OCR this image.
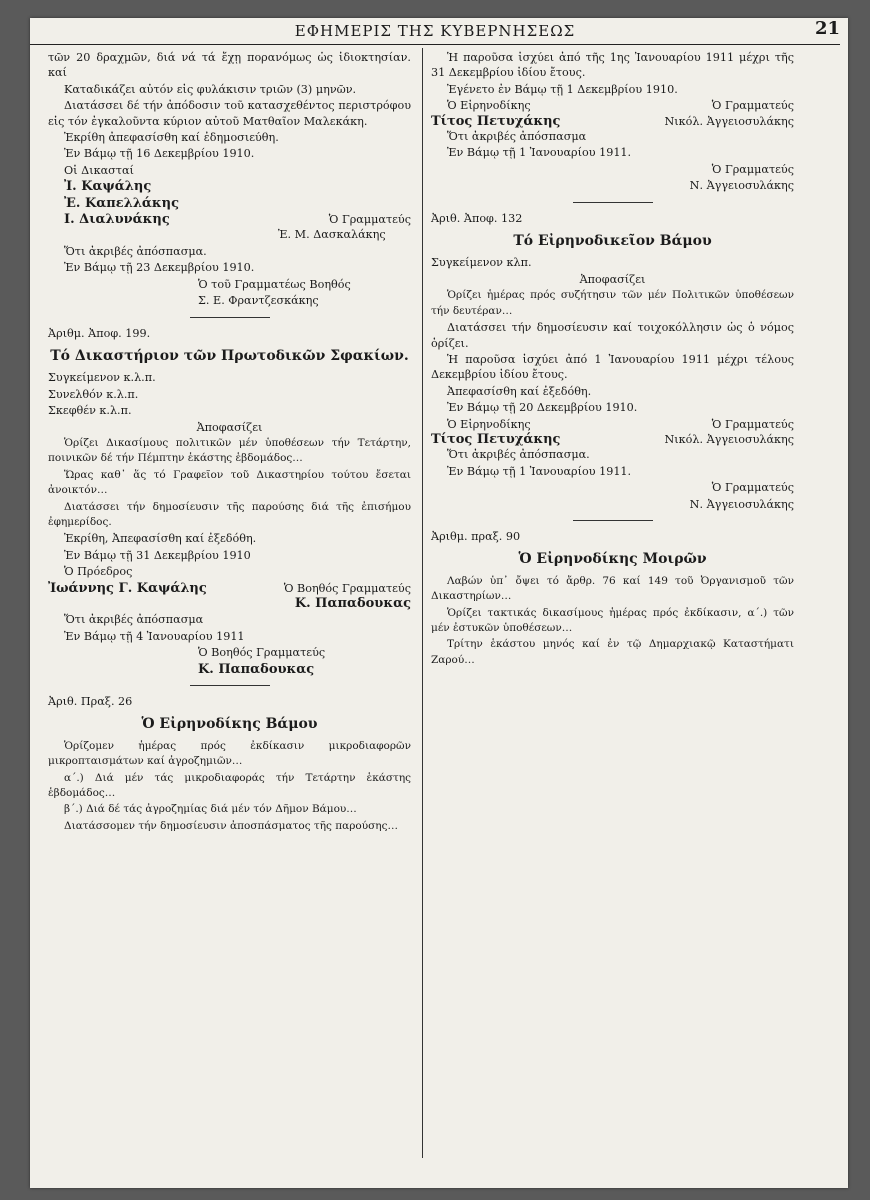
ΕΦΗΜΕΡΙΣ ΤΗΣ ΚΥΒΕΡΝΗΣΕΩΣ	21

τῶν 20 δραχμῶν, διά νά τά ἔχῃ πορανόμως ὡς ἰδιοκτησίαν. καί

Καταδικάζει αὐτόν εἰς φυλάκισιν τριῶν (3) μηνῶν.

Διατάσσει δέ τήν ἀπόδοσιν τοῦ κατασχεθέντος περιστρόφου εἰς τόν ἐγκαλοῦντα κύριον αὐτοῦ Ματθαῖον Μαλεκάκη.

Ἐκρίθη ἀπεφασίσθη καί ἐδημοσιεύθη.

Ἐν Βάμῳ τῇ 16 Δεκεμβρίου 1910.

Οἱ Δικασταί

Ἰ. Καψάλης

Ἐ. Καπελλάκης

Ι. Διαλυνάκης	Ὁ Γραμματεύς

Ἐ. Μ. Δασκαλάκης

Ὅτι ἀκριβές ἀπόσπασμα.

Ἐν Βάμῳ τῇ 23 Δεκεμβρίου 1910.

Ὁ τοῦ Γραμματέως Βοηθός

Σ. Ε. Φραντζεσκάκης

Ἀριθμ. Ἀποφ. 199.

Τό Δικαστήριον τῶν Πρωτοδικῶν Σφακίων.

Συγκείμενον κ.λ.π.

Συνελθόν κ.λ.π.

Σκεφθέν κ.λ.π.

Ἀποφασίζει

Ὁρίζει Δικασίμους πολιτικῶν μέν ὑποθέσεων τήν Τετάρτην, ποινικῶν δέ τήν Πέμπτην ἑκάστης ἑβδομάδος…

Ὥρας καθ᾽ ἅς τό Γραφεῖον τοῦ Δικαστηρίου τούτου ἔσεται ἀνοικτόν…

Διατάσσει τήν δημοσίευσιν τῆς παρούσης διά τῆς ἐπισήμου ἐφημερίδος.

Ἐκρίθη, Ἀπεφασίσθη καί ἐξεδόθη.

Ἐν Βάμῳ τῇ 31 Δεκεμβρίου 1910

Ὁ Πρόεδρος

Ἰωάννης Γ. Καψάλης	Ὁ Βοηθός Γραμματεύς

Κ. Παπαδουκας

Ὅτι ἀκριβές ἀπόσπασμα

Ἐν Βάμῳ τῇ 4 Ἰανουαρίου 1911

Ὁ Βοηθός Γραμματεύς

Κ. Παπαδουκας

Ἀριθ. Πραξ. 26

Ὁ Εἰρηνοδίκης Βάμου

Ὁρίζομεν ἡμέρας πρός ἐκδίκασιν μικροδιαφορῶν μικροπταισμάτων καί ἀγροζημιῶν…

α΄.) Διά μέν τάς μικροδιαφοράς τήν Τετάρτην ἑκάστης ἑβδομάδος…

β΄.) Διά δέ τάς ἀγροζημίας διά μέν τόν Δῆμον Βάμου…

Διατάσσομεν τήν δημοσίευσιν ἀποσπάσματος τῆς παρούσης…

Ἡ παροῦσα ἰσχύει ἀπό τῆς 1ης Ἰανουαρίου 1911 μέχρι τῆς 31 Δεκεμβρίου ἰδίου ἔτους.

Ἐγένετο ἐν Βάμῳ τῇ 1 Δεκεμβρίου 1910.

Ὁ Εἰρηνοδίκης	Ὁ Γραμματεύς
Τίτος Πετυχάκης	Νικόλ. Ἀγγειοσυλάκης

Ὅτι ἀκριβές ἀπόσπασμα

Ἐν Βάμῳ τῇ 1 Ἰανουαρίου 1911.

Ὁ Γραμματεύς

Ν. Ἀγγειοσυλάκης

Ἀριθ. Ἀποφ. 132

Τό Εἰρηνοδικεῖον Βάμου

Συγκείμενον κλπ.

Ἀποφασίζει

Ὁρίζει ἡμέρας πρός συζήτησιν τῶν μέν Πολιτικῶν ὑποθέσεων τήν δευτέραν…

Διατάσσει τήν δημοσίευσιν καί τοιχοκόλλησιν ὡς ὁ νόμος ὁρίζει.

Ἡ παροῦσα ἰσχύει ἀπό 1 Ἰανουαρίου 1911 μέχρι τέλους Δεκεμβρίου ἰδίου ἔτους.

Ἀπεφασίσθη καί ἐξεδόθη.

Ἐν Βάμῳ τῇ 20 Δεκεμβρίου 1910.

Ὁ Εἰρηνοδίκης	Ὁ Γραμματεύς
Τίτος Πετυχάκης	Νικόλ. Ἀγγειοσυλάκης

Ὅτι ἀκριβές ἀπόσπασμα.

Ἐν Βάμῳ τῇ 1 Ἰανουαρίου 1911.

Ὁ Γραμματεύς

Ν. Ἀγγειοσυλάκης

Ἀριθμ. πραξ. 90

Ὁ Εἰρηνοδίκης Μοιρῶν

Λαβών ὑπ᾽ ὄψει τό ἄρθρ. 76 καί 149 τοῦ Ὀργανισμοῦ τῶν Δικαστηρίων…

Ὁρίζει τακτικάς δικασίμους ἡμέρας πρός ἐκδίκασιν, α΄.) τῶν μέν ἐστυκῶν ὑποθέσεων…

Τρίτην ἑκάστου μηνός καί ἐν τῷ Δημαρχιακῷ Καταστήματι Ζαρού…
